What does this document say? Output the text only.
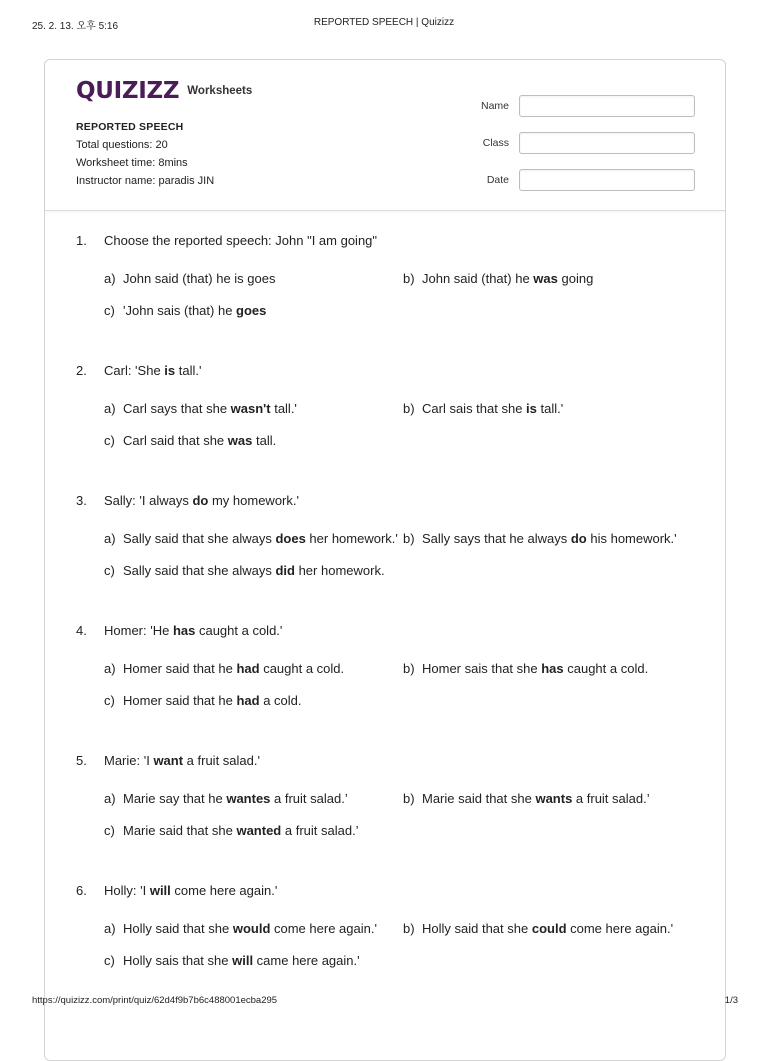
25. 2. 13. 오후 5:16	REPORTED SPEECH | Quizizz
QUIZIZZ Worksheets
REPORTED SPEECH
Total questions: 20
Worksheet time: 8mins
Instructor name: paradis JIN
Name
Class
Date
1.	Choose the reported speech: John "I am going"
a) John said (that) he is goes	b) John said (that) he was going
c) 'John sais (that) he goes
2.	Carl: 'She is tall.'
a) Carl says that she wasn't tall.'	b) Carl sais that she is tall.'
c) Carl said that she was tall.
3.	Sally: 'I always do my homework.'
a) Sally said that she always does her homework.' b) Sally says that he always do his homework.'
c) Sally said that she always did her homework.
4.	Homer: 'He has caught a cold.'
a) Homer said that he had caught a cold.	b) Homer sais that she has caught a cold.
c) Homer said that he had a cold.
5.	Marie: 'I want a fruit salad.'
a) Marie say that he wantes a fruit salad.’	b) Marie said that she wants a fruit salad.’
c) Marie said that she wanted a fruit salad.’
6.	Holly: 'I will come here again.'
a) Holly said that she would come here again.' b) Holly said that she could come here again.'
c) Holly sais that she will came here again.'
https://quizizz.com/print/quiz/62d4f9b7b6c488001ecba295	1/3
